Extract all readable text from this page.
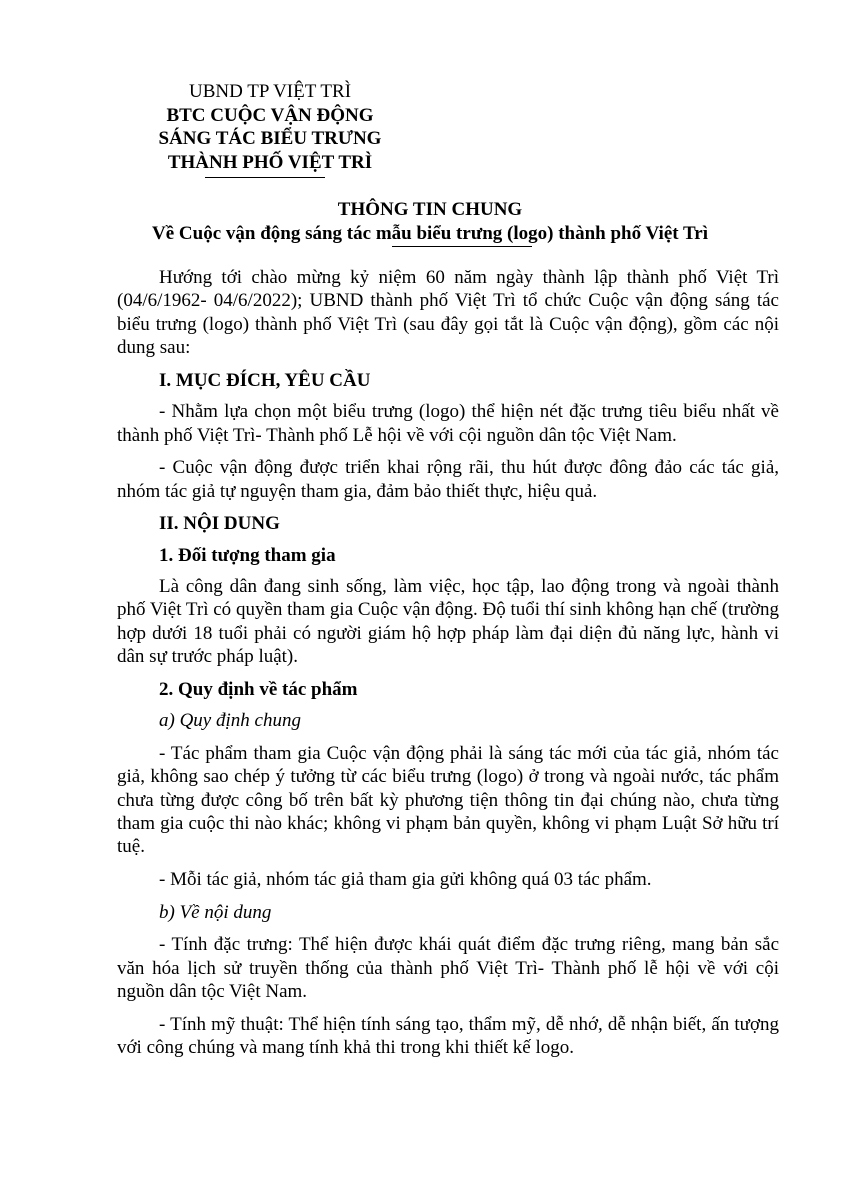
UBND TP VIỆT TRÌ
BTC CUỘC VẬN ĐỘNG
SÁNG TÁC BIỂU TRƯNG
THÀNH PHỐ VIỆT TRÌ
THÔNG TIN CHUNG
Về Cuộc vận động sáng tác mẫu biểu trưng (logo) thành phố Việt Trì

Hướng tới chào mừng kỷ niệm 60 năm ngày thành lập thành phố Việt Trì (04/6/1962- 04/6/2022); UBND thành phố Việt Trì tổ chức Cuộc vận động sáng tác biểu trưng (logo) thành phố Việt Trì (sau đây gọi tắt là Cuộc vận động), gồm các nội dung sau:

I. MỤC ĐÍCH, YÊU CẦU

- Nhằm lựa chọn một biểu trưng (logo) thể hiện nét đặc trưng tiêu biểu nhất về thành phố Việt Trì- Thành phố Lễ hội về với cội nguồn dân tộc Việt Nam.

- Cuộc vận động được triển khai rộng rãi, thu hút được đông đảo các tác giả, nhóm tác giả tự nguyện tham gia, đảm bảo thiết thực, hiệu quả.

II. NỘI DUNG

1. Đối tượng tham gia

Là công dân đang sinh sống, làm việc, học tập, lao động trong và ngoài thành phố Việt Trì có quyền tham gia Cuộc vận động. Độ tuổi thí sinh không hạn chế (trường hợp dưới 18 tuổi phải có người giám hộ hợp pháp làm đại diện đủ năng lực, hành vi dân sự trước pháp luật).

2. Quy định về tác phẩm

a) Quy định chung

- Tác phẩm tham gia Cuộc vận động phải là sáng tác mới của tác giả, nhóm tác giả, không sao chép ý tưởng từ các biểu trưng (logo) ở trong và ngoài nước, tác phẩm chưa từng được công bố trên bất kỳ phương tiện thông tin đại chúng nào, chưa từng tham gia cuộc thi nào khác; không vi phạm bản quyền, không vi phạm Luật Sở hữu trí tuệ.

- Mỗi tác giả, nhóm tác giả tham gia gửi không quá 03 tác phẩm.

b) Về nội dung

- Tính đặc trưng: Thể hiện được khái quát điểm đặc trưng riêng, mang bản sắc văn hóa lịch sử truyền thống của thành phố Việt Trì- Thành phố lễ hội về với cội nguồn dân tộc Việt Nam.

- Tính mỹ thuật: Thể hiện tính sáng tạo, thẩm mỹ, dễ nhớ, dễ nhận biết, ấn tượng với công chúng và mang tính khả thi trong khi thiết kế logo.
